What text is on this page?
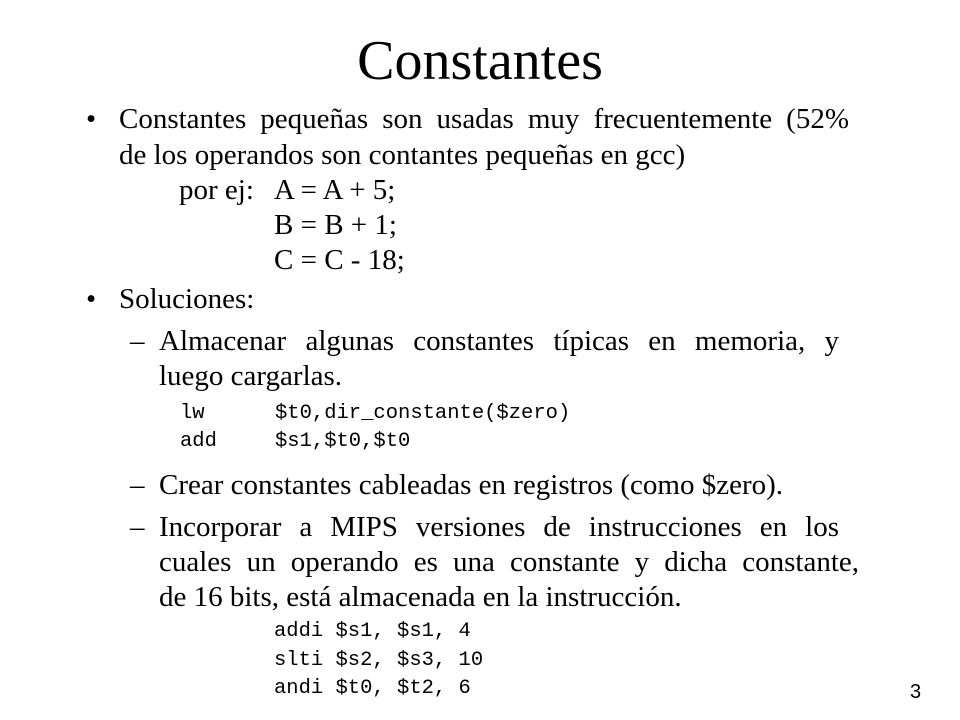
Constantes
• Constantes pequeñas son usadas muy frecuentemente (52%
de los operandos son contantes pequeñas en gcc)
por ej: A = A + 5;
B = B + 1;
C = C - 18;
• Soluciones:
– Almacenar algunas constantes típicas en memoria, y
luego cargarlas.
lw	$t0,dir_constante($zero)
add	$s1,$t0,$t0
– Crear constantes cableadas en registros (como $zero).
– Incorporar a MIPS versiones de instrucciones en los
cuales un operando es una constante y dicha constante,
de 16 bits, está almacenada en la instrucción.
addi $s1, $s1, 4
slti $s2, $s3, 10
andi $t0, $t2, 6	3
